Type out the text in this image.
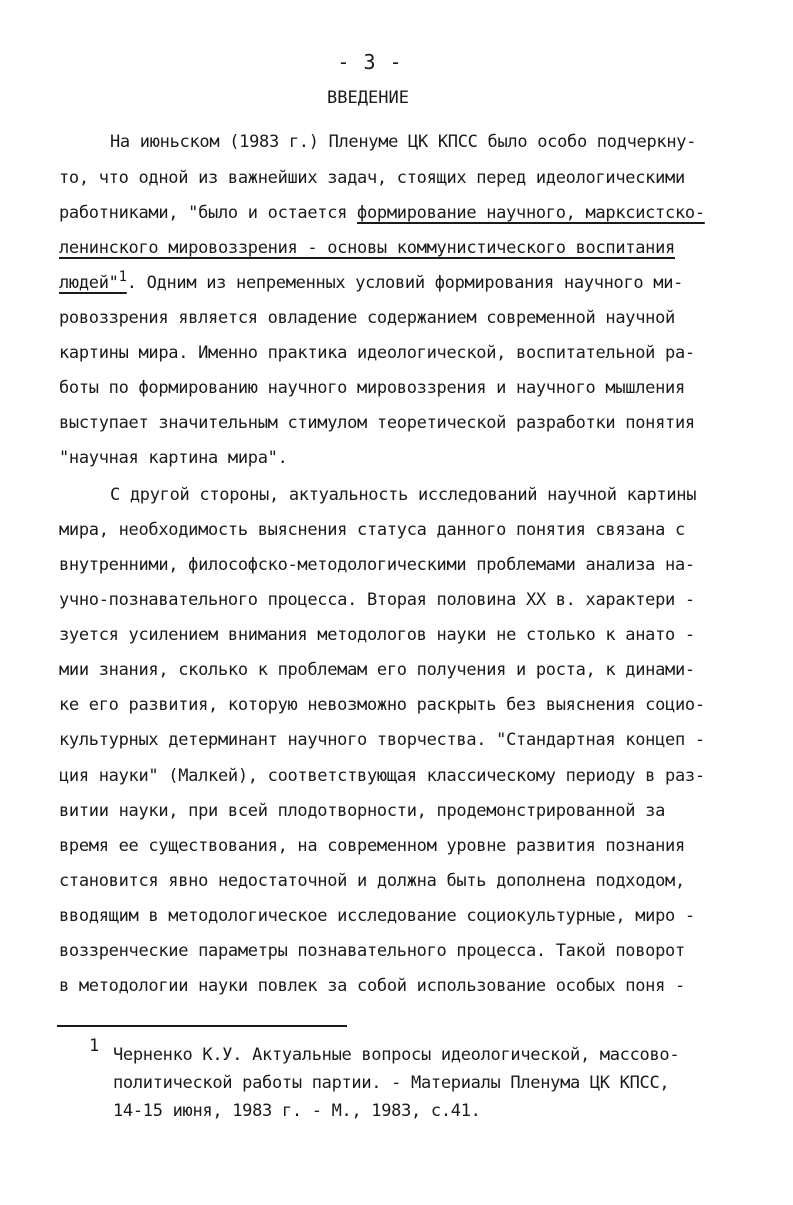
- 3 -
ВВЕДЕНИЕ
На июньском (1983 г.) Пленуме ЦК КПСС было особо подчеркну-
то, что одной из важнейших задач, стоящих перед идеологическими
работниками, "было и остается формирование научного, марксистско-
ленинского мировоззрения - основы коммунистического воспитания
людей"$^1$. Одним из непременных условий формирования научного ми-
ровоззрения является овладение содержанием современной научной
картины мира. Именно практика идеологической, воспитательной ра-
боты по формированию научного мировоззрения и научного мышления
выступает значительным стимулом теоретической разработки понятия
"научная картина мира".
С другой стороны, актуальность исследований научной картины
мира, необходимость выяснения статуса данного понятия связана с
внутренними, философско-методологическими проблемами анализа на-
учно-познавательного процесса. Вторая половина XX в. характери -
зуется усилением внимания методологов науки не столько к анато -
мии знания, сколько к проблемам его получения и роста, к динами-
ке его развития, которую невозможно раскрыть без выяснения социо-
культурных детерминант научного творчества. "Стандартная концеп -
ция науки" (Малкей), соответствующая классическому периоду в раз-
витии науки, при всей плодотворности, продемонстрированной за
время ее существования, на современном уровне развития познания
становится явно недостаточной и должна быть дополнена подходом,
вводящим в методологическое исследование социокультурные, миро -
воззренческие параметры познавательного процесса. Такой поворот
в методологии науки повлек за собой использование особых поня -
1 Черненко К.У. Актуальные вопросы идеологической, массово-
политической работы партии. - Материалы Пленума ЦК КПСС,
14-15 июня, 1983 г. - М., 1983, с.41.
